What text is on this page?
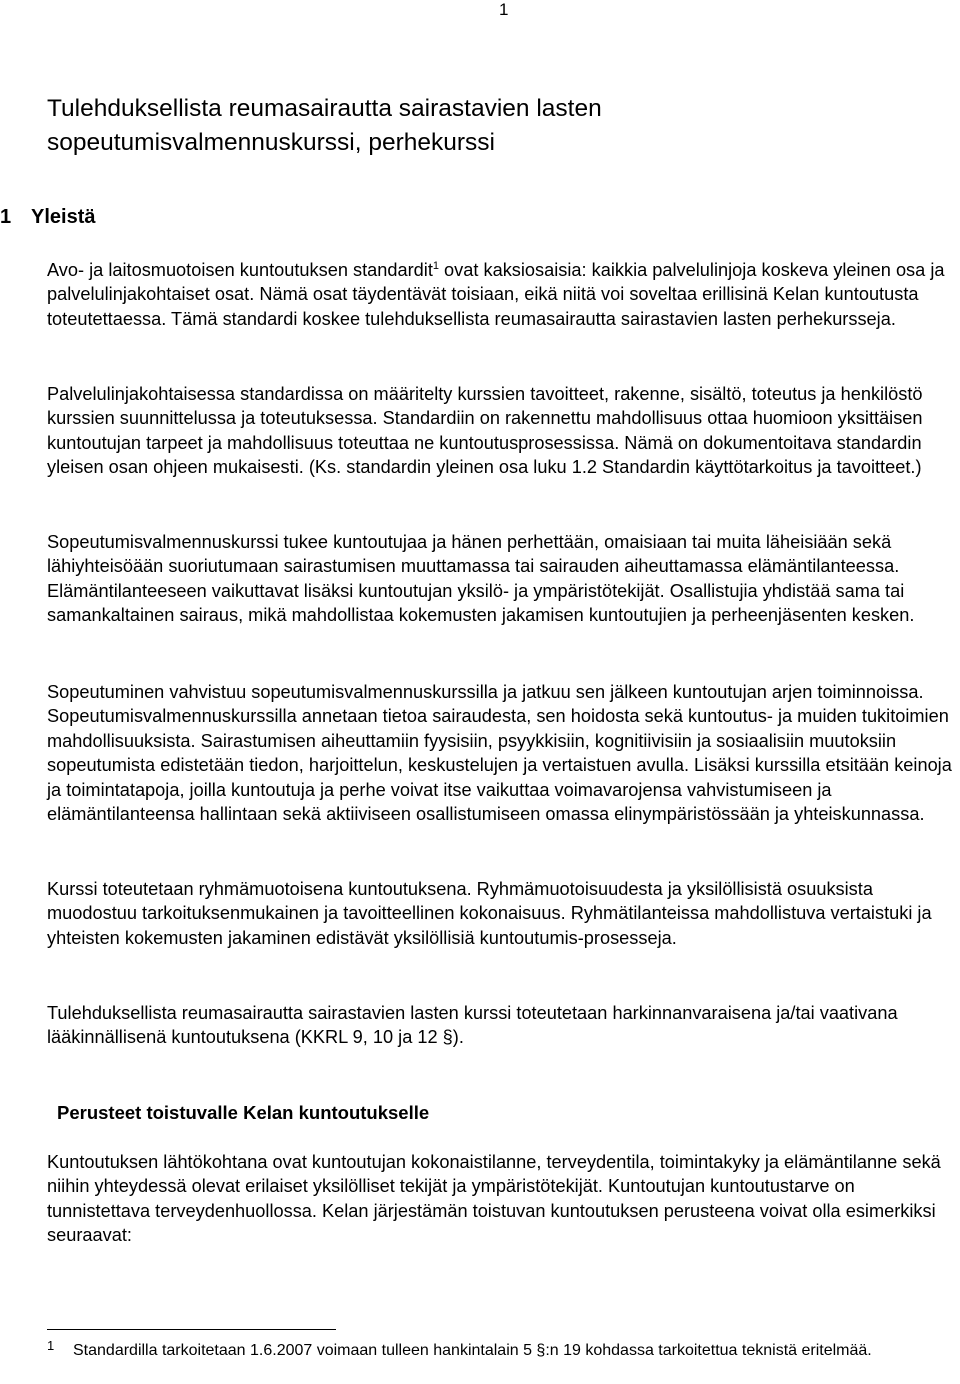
1
Tulehduksellista reumasairautta sairastavien lasten
sopeutumisvalmennuskurssi, perhekurssi
1 Yleistä

Avo- ja laitosmuotoisen kuntoutuksen standardit$^1$ ovat kaksiosaisia: kaikkia palvelulinjoja koskeva yleinen osa ja palvelulinjakohtaiset osat. Nämä osat täydentävät toisiaan, eikä niitä voi soveltaa erillisinä Kelan kuntoutusta toteutettaessa. Tämä standardi koskee tulehduksellista reumasairautta sairastavien lasten perhekursseja.

Palvelulinjakohtaisessa standardissa on määritelty kurssien tavoitteet, rakenne, sisältö, toteutus ja henkilöstö kurssien suunnittelussa ja toteutuksessa. Standardiin on rakennettu mahdollisuus ottaa huomioon yksittäisen kuntoutujan tarpeet ja mahdollisuus toteuttaa ne kuntoutusprosessissa. Nämä on dokumentoitava standardin yleisen osan ohjeen mukaisesti. (Ks. standardin yleinen osa luku 1.2 Standardin käyttötarkoitus ja tavoitteet.)

Sopeutumisvalmennuskurssi tukee kuntoutujaa ja hänen perhettään, omaisiaan tai muita läheisiään sekä lähiyhteisöään suoriutumaan sairastumisen muuttamassa tai sairauden aiheuttamassa elämäntilanteessa. Elämäntilanteeseen vaikuttavat lisäksi kuntoutujan yksilö- ja ympäristötekijät. Osallistujia yhdistää sama tai samankaltainen sairaus, mikä mahdollistaa kokemusten jakamisen kuntoutujien ja perheenjäsenten kesken.

Sopeutuminen vahvistuu sopeutumisvalmennuskurssilla ja jatkuu sen jälkeen kuntoutujan arjen toiminnoissa. Sopeutumisvalmennuskurssilla annetaan tietoa sairaudesta, sen hoidosta sekä kuntoutus- ja muiden tukitoimien mahdollisuuksista. Sairastumisen aiheuttamiin fyysisiin, psyykkisiin, kognitiivisiin ja sosiaalisiin muutoksiin sopeutumista edistetään tiedon, harjoittelun, keskustelujen ja vertaistuen avulla. Lisäksi kurssilla etsitään keinoja ja toimintatapoja, joilla kuntoutuja ja perhe voivat itse vaikuttaa voimavarojensa vahvistumiseen ja elämäntilanteensa hallintaan sekä aktiiviseen osallistumiseen omassa elinympäristössään ja yhteiskunnassa.

Kurssi toteutetaan ryhmämuotoisena kuntoutuksena. Ryhmämuotoisuudesta ja yksilöllisistä osuuksista muodostuu tarkoituksenmukainen ja tavoitteellinen kokonaisuus. Ryhmätilanteissa mahdollistuva vertaistuki ja yhteisten kokemusten jakaminen edistävät yksilöllisiä kuntoutumis-prosesseja.

Tulehduksellista reumasairautta sairastavien lasten kurssi toteutetaan harkinnanvaraisena ja/tai vaativana lääkinnällisenä kuntoutuksena (KKRL 9, 10 ja 12 §).

Perusteet toistuvalle Kelan kuntoutukselle

Kuntoutuksen lähtökohtana ovat kuntoutujan kokonaistilanne, terveydentila, toimintakyky ja elämäntilanne sekä niihin yhteydessä olevat erilaiset yksilölliset tekijät ja ympäristötekijät. Kuntoutujan kuntoutustarve on tunnistettava terveydenhuollossa. Kelan järjestämän toistuvan kuntoutuksen perusteena voivat olla esimerkiksi seuraavat:

1 Standardilla tarkoitetaan 1.6.2007 voimaan tulleen hankintalain 5 §:n 19 kohdassa tarkoitettua teknistä eritelmää.
